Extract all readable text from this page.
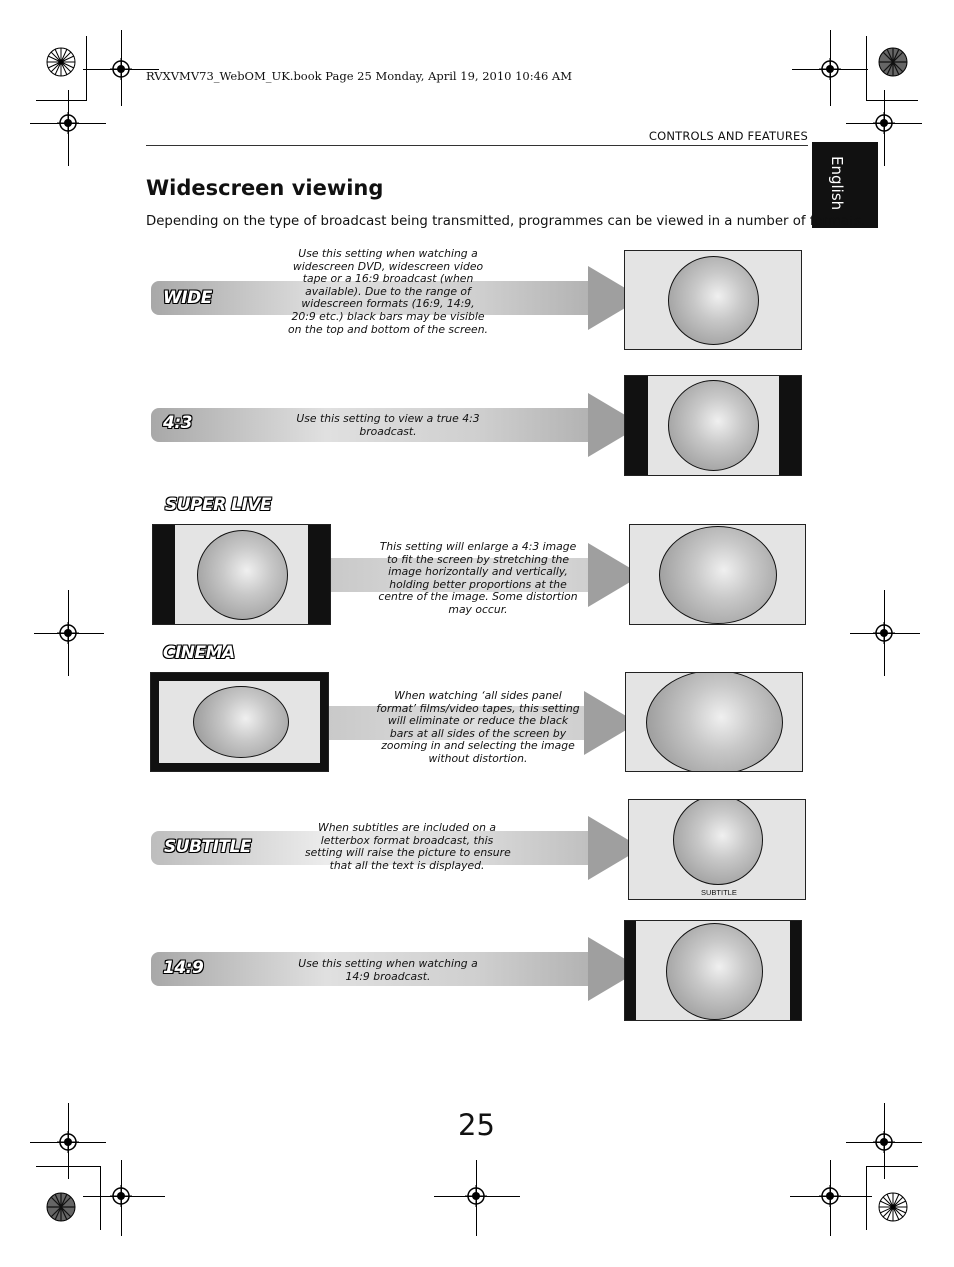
RVXVMV73_WebOM_UK.book Page 25 Monday, April 19, 2010 10:46 AM
CONTROLS AND FEATURES
English
Widescreen viewing
Depending on the type of broadcast being transmitted, programmes can be viewed in a number of formats.
WIDE
Use this setting when watching a
widescreen DVD, widescreen video
tape or a 16:9 broadcast (when
available). Due to the range of
widescreen formats (16:9, 14:9,
20:9 etc.) black bars may be visible
on the top and bottom of the screen.
4:3	Use this setting to view a true 4:3
broadcast.
SUPER LIVE
This setting will enlarge a 4:3 image
to fit the screen by stretching the
image horizontally and vertically,
holding better proportions at the
centre of the image. Some distortion
may occur.
CINEMA
When watching ‘all sides panel
format’ films/video tapes, this setting
will eliminate or reduce the black
bars at all sides of the screen by
zooming in and selecting the image
without distortion.
SUBTITLE
When subtitles are included on a
letterbox format broadcast, this
setting will raise the picture to ensure
that all the text is displayed.
SUBTITLE
14:9	Use this setting when watching a
14:9 broadcast.
25
